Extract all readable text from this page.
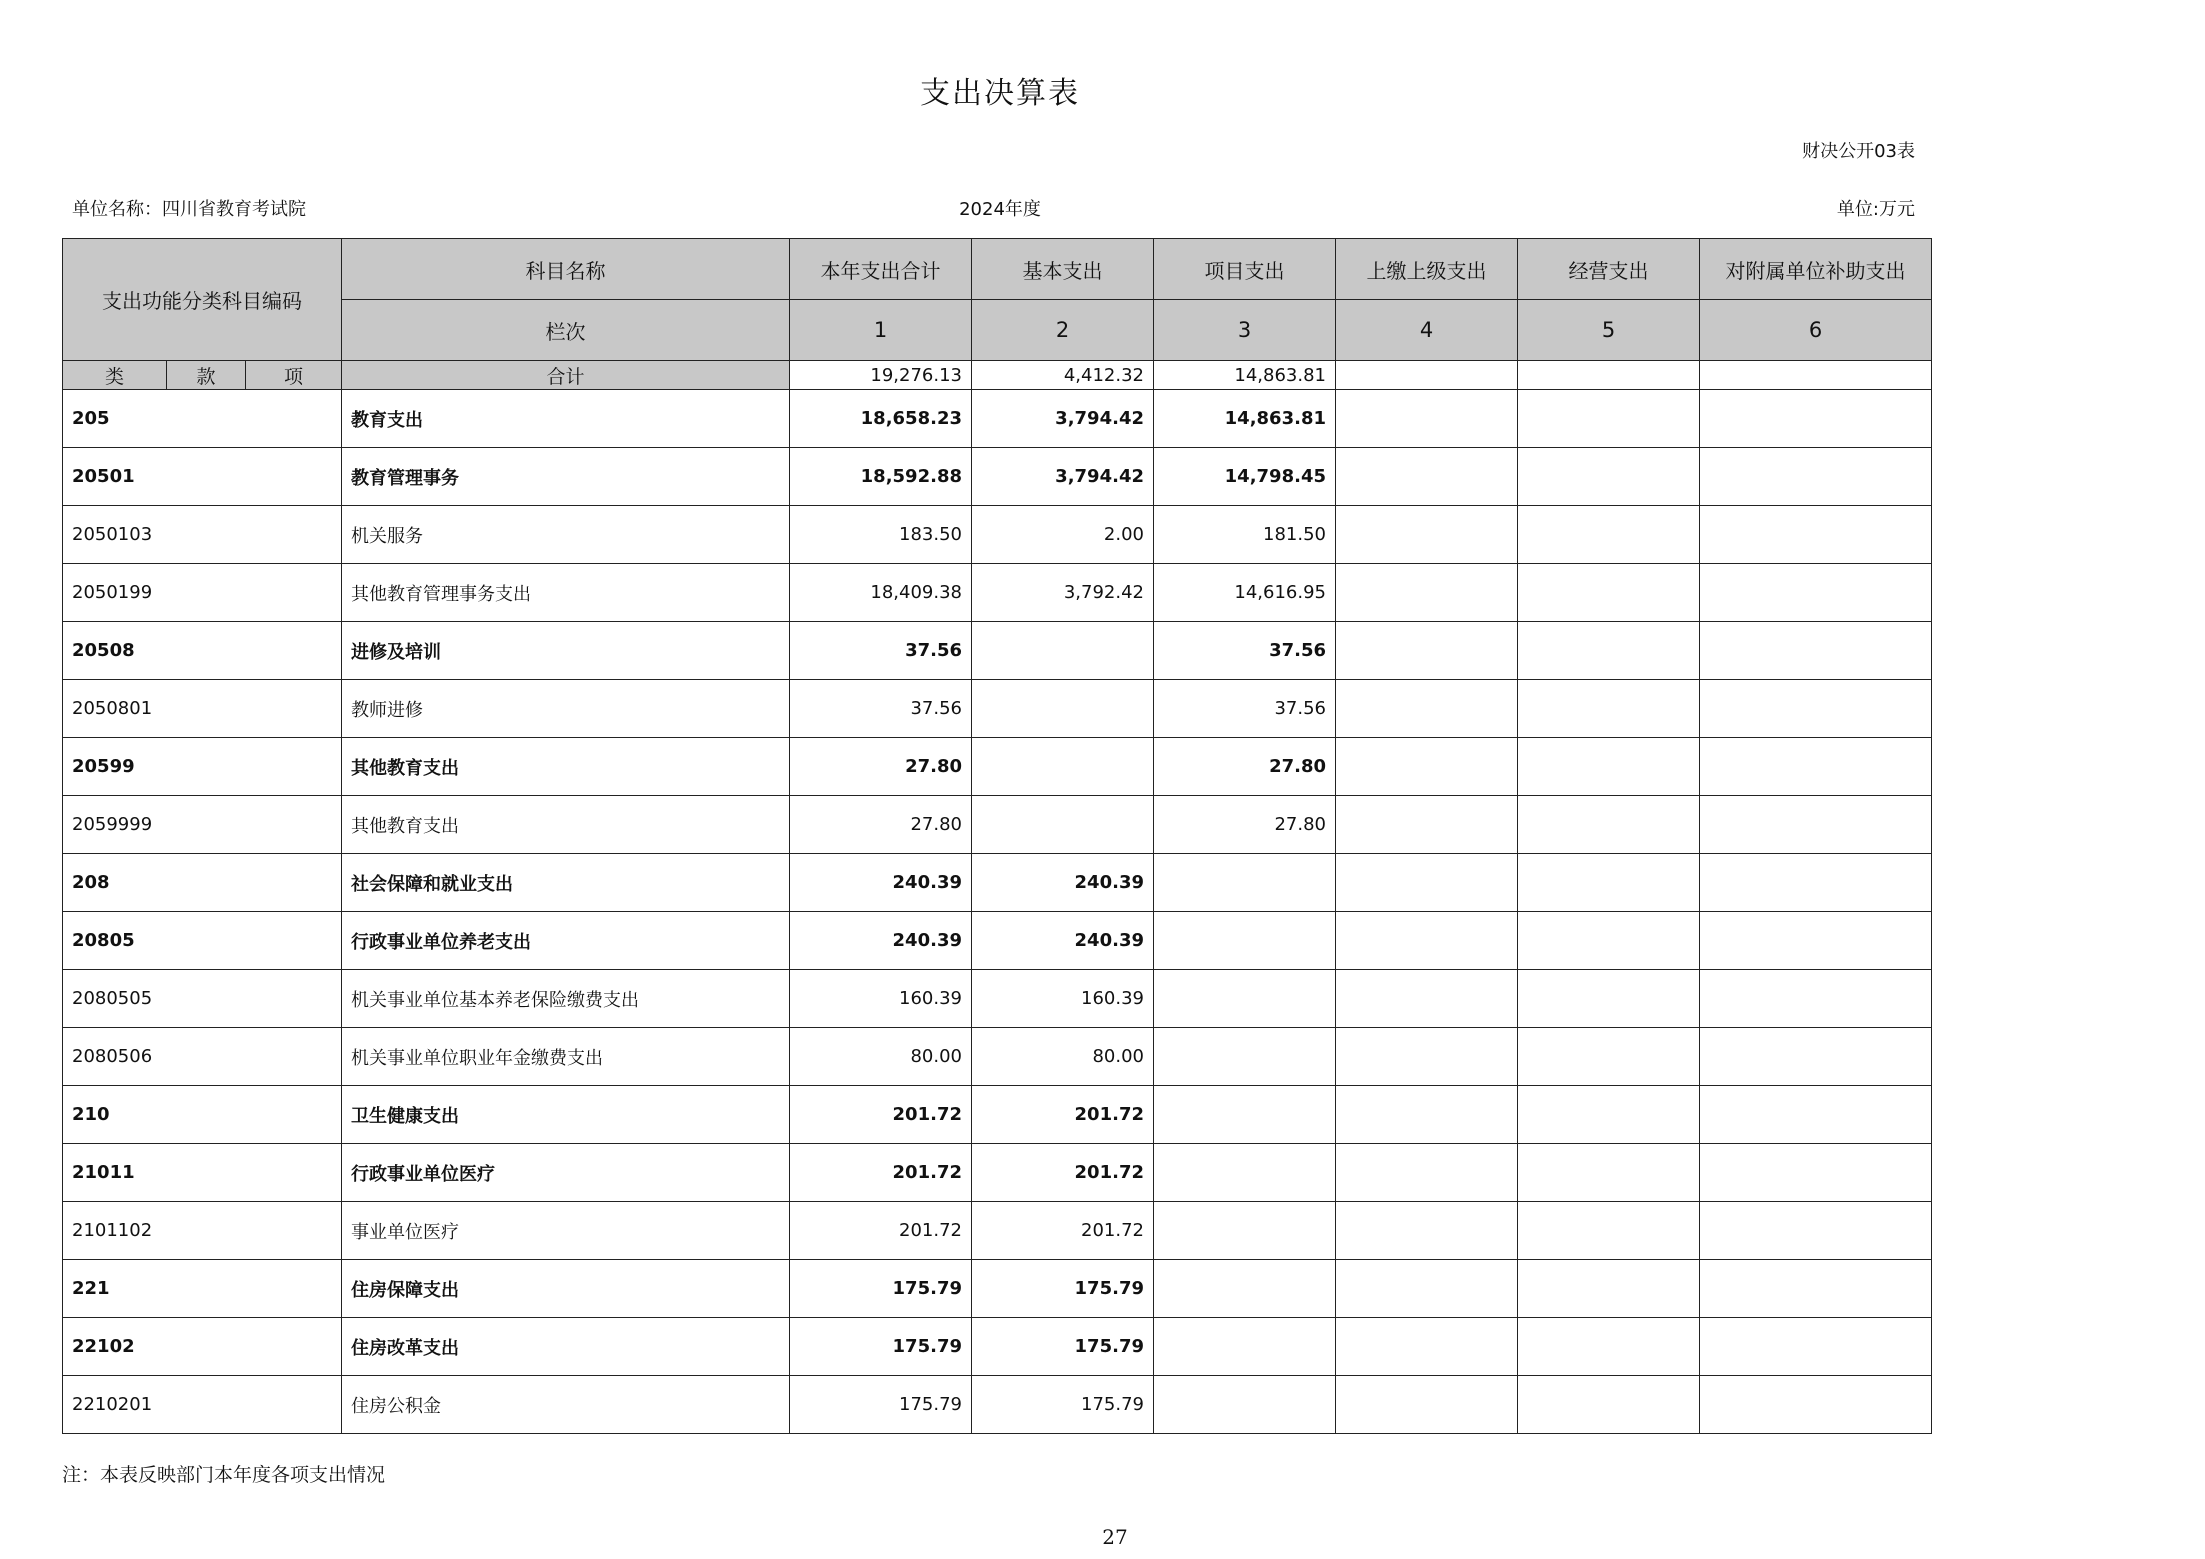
支出决算表
财决公开03表
单位名称：四川省教育考试院	2024年度	单位:万元
支出功能分类科目编码			科目名称	本年支出合计	基本支出	项目支出	上缴上级支出	经营支出	对附属单位补助支出
			栏次	1	2	3	4	5	6
类	款	项	合计	19,276.13	4,412.32	14,863.81			
205			教育支出	18,658.23	3,794.42	14,863.81			
20501			教育管理事务	18,592.88	3,794.42	14,798.45			
2050103			机关服务	183.50	2.00	181.50			
2050199			其他教育管理事务支出	18,409.38	3,792.42	14,616.95			
20508			进修及培训	37.56		37.56			
2050801			教师进修	37.56		37.56			
20599			其他教育支出	27.80		27.80			
2059999			其他教育支出	27.80		27.80			
208			社会保障和就业支出	240.39	240.39				
20805			行政事业单位养老支出	240.39	240.39				
2080505			机关事业单位基本养老保险缴费支出	160.39	160.39				
2080506			机关事业单位职业年金缴费支出	80.00	80.00				
210			卫生健康支出	201.72	201.72				
21011			行政事业单位医疗	201.72	201.72				
2101102			事业单位医疗	201.72	201.72				
221			住房保障支出	175.79	175.79				
22102			住房改革支出	175.79	175.79				
2210201			住房公积金	175.79	175.79				
注：本表反映部门本年度各项支出情况
27
